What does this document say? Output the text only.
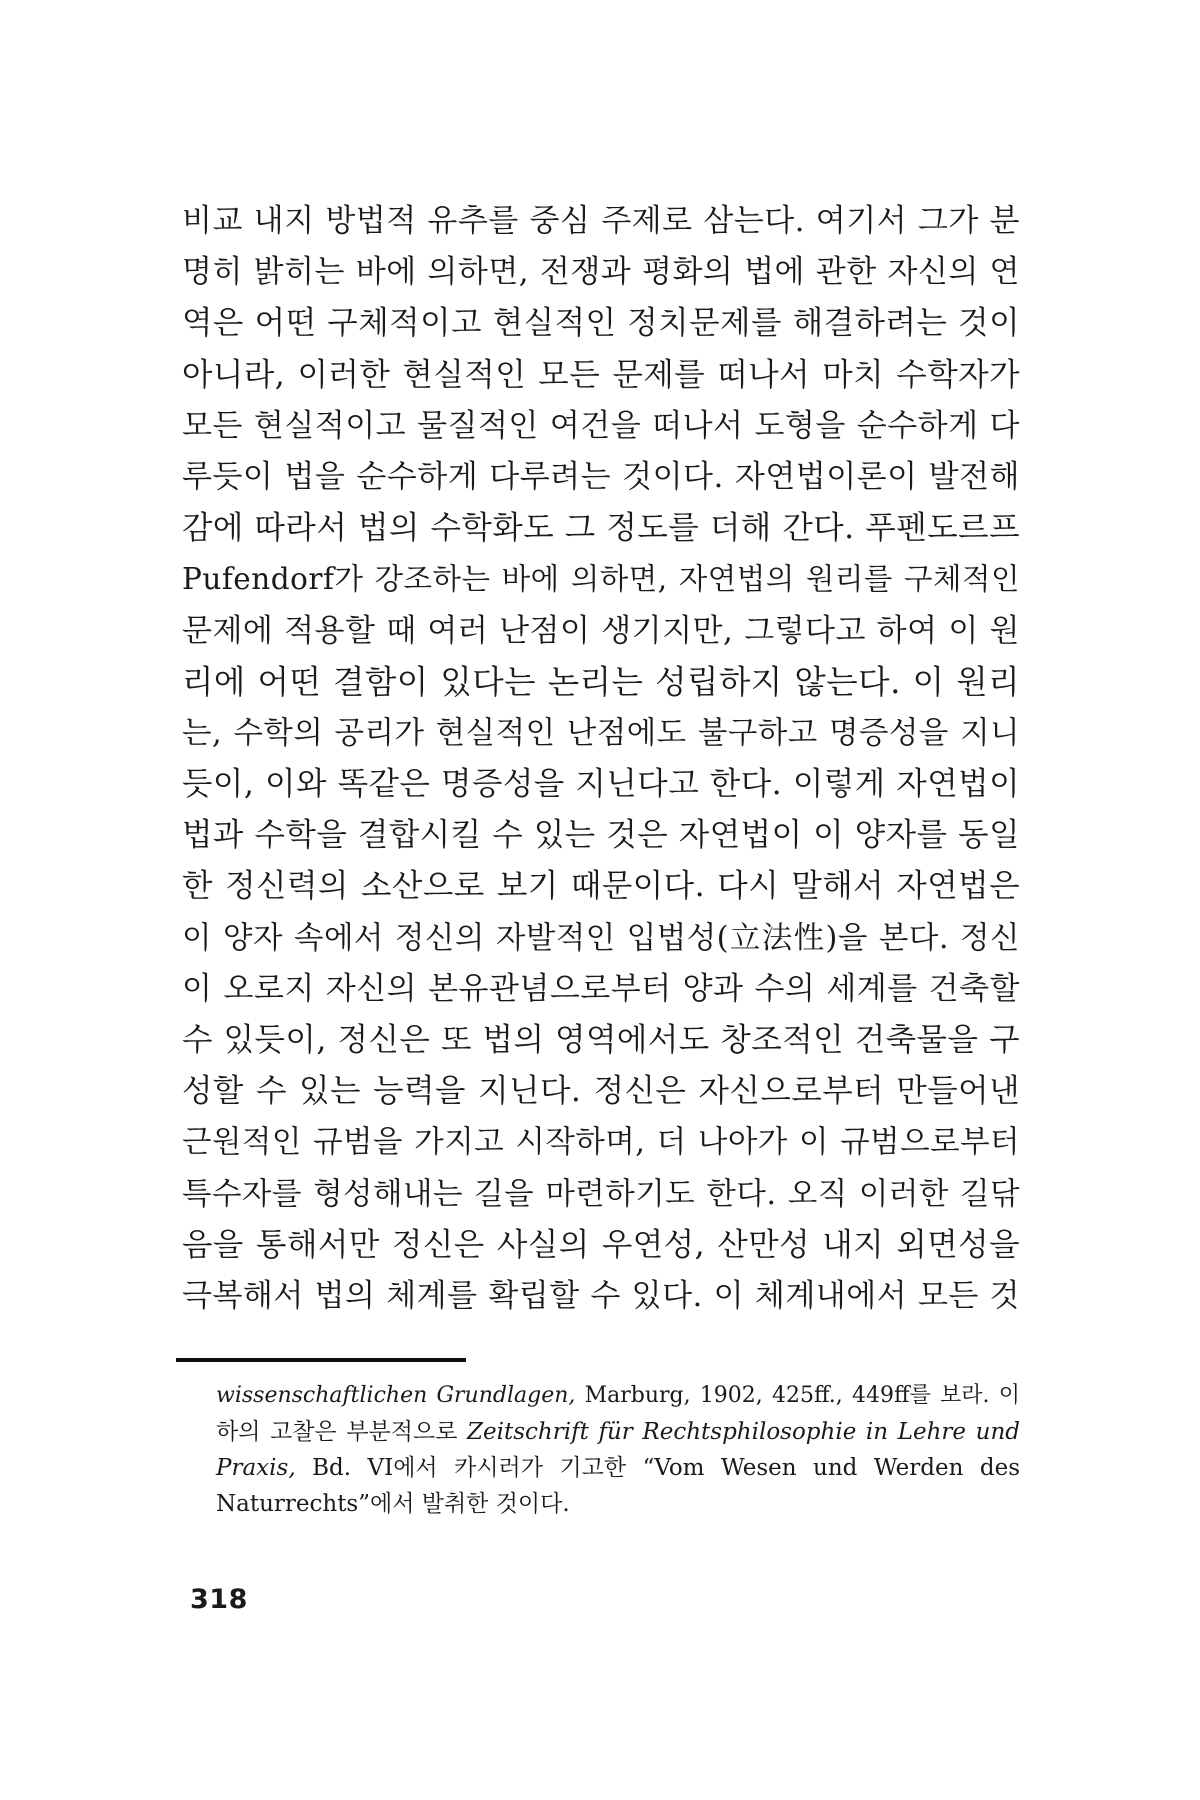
비교 내지 방법적 유추를 중심 주제로 삼는다. 여기서 그가 분
명히 밝히는 바에 의하면, 전쟁과 평화의 법에 관한 자신의 연
역은 어떤 구체적이고 현실적인 정치문제를 해결하려는 것이
아니라, 이러한 현실적인 모든 문제를 떠나서 마치 수학자가
모든 현실적이고 물질적인 여건을 떠나서 도형을 순수하게 다
루듯이 법을 순수하게 다루려는 것이다. 자연법이론이 발전해
감에 따라서 법의 수학화도 그 정도를 더해 간다. 푸펜도르프
Pufendorf가 강조하는 바에 의하면, 자연법의 원리를 구체적인
문제에 적용할 때 여러 난점이 생기지만, 그렇다고 하여 이 원
리에 어떤 결함이 있다는 논리는 성립하지 않는다. 이 원리
는, 수학의 공리가 현실적인 난점에도 불구하고 명증성을 지니
듯이, 이와 똑같은 명증성을 지닌다고 한다. 이렇게 자연법이
법과 수학을 결합시킬 수 있는 것은 자연법이 이 양자를 동일
한 정신력의 소산으로 보기 때문이다. 다시 말해서 자연법은
이 양자 속에서 정신의 자발적인 입법성(立法性)을 본다. 정신
이 오로지 자신의 본유관념으로부터 양과 수의 세계를 건축할
수 있듯이, 정신은 또 법의 영역에서도 창조적인 건축물을 구
성할 수 있는 능력을 지닌다. 정신은 자신으로부터 만들어낸
근원적인 규범을 가지고 시작하며, 더 나아가 이 규범으로부터
특수자를 형성해내는 길을 마련하기도 한다. 오직 이러한 길닦
음을 통해서만 정신은 사실의 우연성, 산만성 내지 외면성을
극복해서 법의 체계를 확립할 수 있다. 이 체계내에서 모든 것
wissenschaftlichen Grundlagen, Marburg, 1902, 425ff., 449ff를 보라. 이
하의 고찰은 부분적으로 Zeitschrift für Rechtsphilosophie in Lehre und
Praxis, Bd. VI에서 카시러가 기고한 “Vom Wesen und Werden des
Naturrechts”에서 발취한 것이다.
318
